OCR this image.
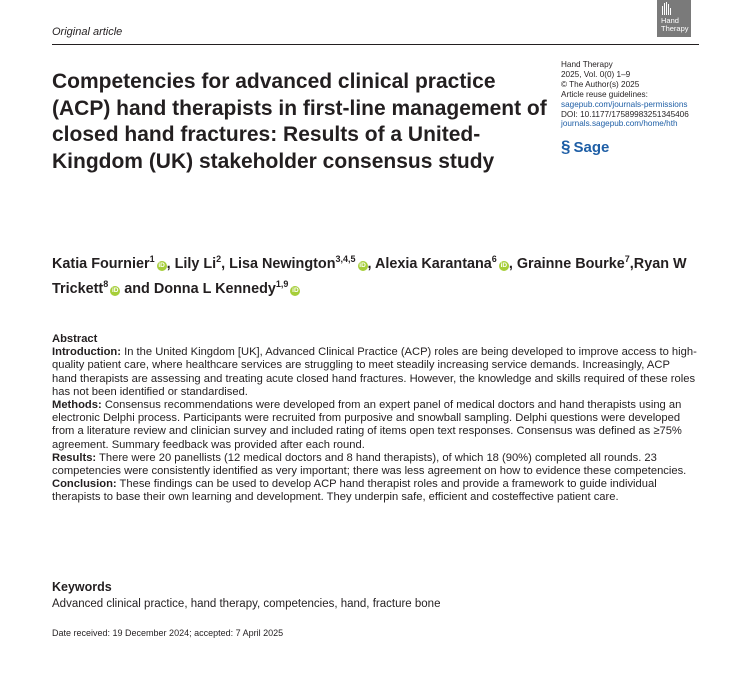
Original article
Hand Therapy
Competencies for advanced clinical practice (ACP) hand therapists in first-line management of closed hand fractures: Results of a United-Kingdom (UK) stakeholder consensus study
Hand Therapy
2025, Vol. 0(0) 1–9
© The Author(s) 2025
Article reuse guidelines:
sagepub.com/journals-permissions
DOI: 10.1177/17589983251345406
journals.sagepub.com/home/hth
§ Sage
Katia Fournier$^1$iD , Lily Li$^2$, Lisa Newington$^{3,4,5}$iD , Alexia Karantana$^6$iD , Grainne Bourke$^7$,Ryan W Trickett$^8$iD and Donna L Kennedy$^{1,9}$iD
Abstract

Introduction: In the United Kingdom [UK], Advanced Clinical Practice (ACP) roles are being developed to improve access to high-quality patient care, where healthcare services are struggling to meet steadily increasing service demands. Increasingly, ACP hand therapists are assessing and treating acute closed hand fractures. However, the knowledge and skills required of these roles has not been identified or standardised.

Methods: Consensus recommendations were developed from an expert panel of medical doctors and hand therapists using an electronic Delphi process. Participants were recruited from purposive and snowball sampling. Delphi questions were developed from a literature review and clinician survey and included rating of items open text responses. Consensus was defined as ≥75% agreement. Summary feedback was provided after each round.

Results: There were 20 panellists (12 medical doctors and 8 hand therapists), of which 18 (90%) completed all rounds. 23 competencies were consistently identified as very important; there was less agreement on how to evidence these competencies.

Conclusion: These findings can be used to develop ACP hand therapist roles and provide a framework to guide individual therapists to base their own learning and development. They underpin safe, efficient and costeffective patient care.

Keywords
Advanced clinical practice, hand therapy, competencies, hand, fracture bone
Date received: 19 December 2024; accepted: 7 April 2025
